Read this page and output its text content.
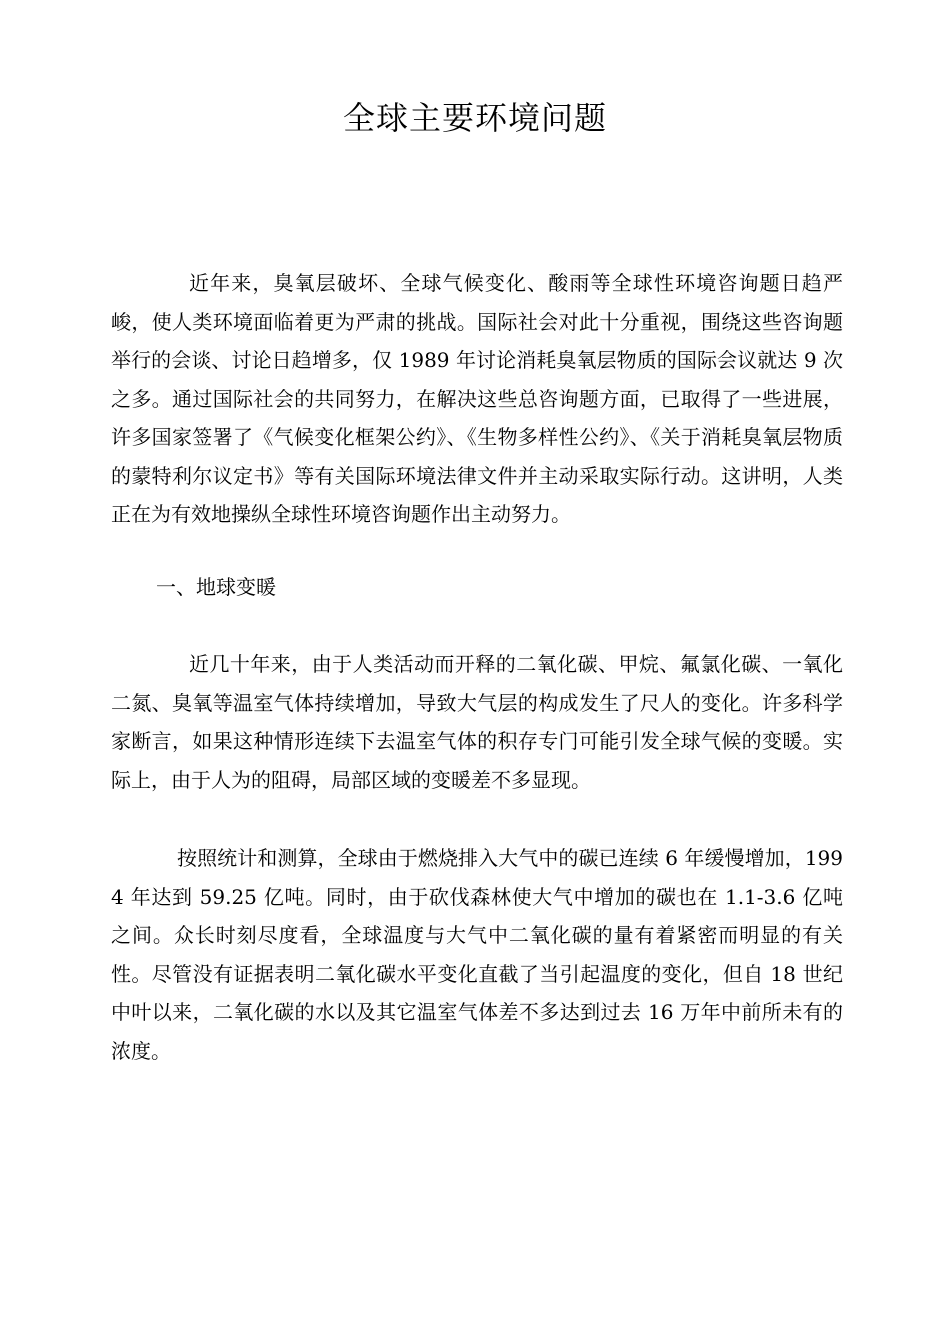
全球主要环境问题

近年来，臭氧层破坏、全球气候变化、酸雨等全球性环境咨询题日趋严峻，使人类环境面临着更为严肃的挑战。国际社会对此十分重视，围绕这些咨询题举行的会谈、讨论日趋增多，仅 1989 年讨论消耗臭氧层物质的国际会议就达 9 次之多。通过国际社会的共同努力，在解决这些总咨询题方面，已取得了一些进展，许多国家签署了《气候变化框架公约》、《生物多样性公约》、《关于消耗臭氧层物质的蒙特利尔议定书》等有关国际环境法律文件并主动采取实际行动。这讲明，人类正在为有效地操纵全球性环境咨询题作出主动努力。

一、地球变暖

近几十年来，由于人类活动而开释的二氧化碳、甲烷、氟氯化碳、一氧化二氮、臭氧等温室气体持续增加，导致大气层的构成发生了尺人的变化。许多科学家断言，如果这种情形连续下去温室气体的积存专门可能引发全球气候的变暖。实际上，由于人为的阻碍，局部区域的变暖差不多显现。

按照统计和测算，全球由于燃烧排入大气中的碳已连续 6 年缓慢增加，1994 年达到 59.25 亿吨。同时，由于砍伐森林使大气中增加的碳也在 1.1-3.6 亿吨之间。众长时刻尽度看，全球温度与大气中二氧化碳的量有着紧密而明显的有关性。尽管没有证据表明二氧化碳水平变化直截了当引起温度的变化，但自 18 世纪中叶以来，二氧化碳的水以及其它温室气体差不多达到过去 16 万年中前所未有的浓度。
